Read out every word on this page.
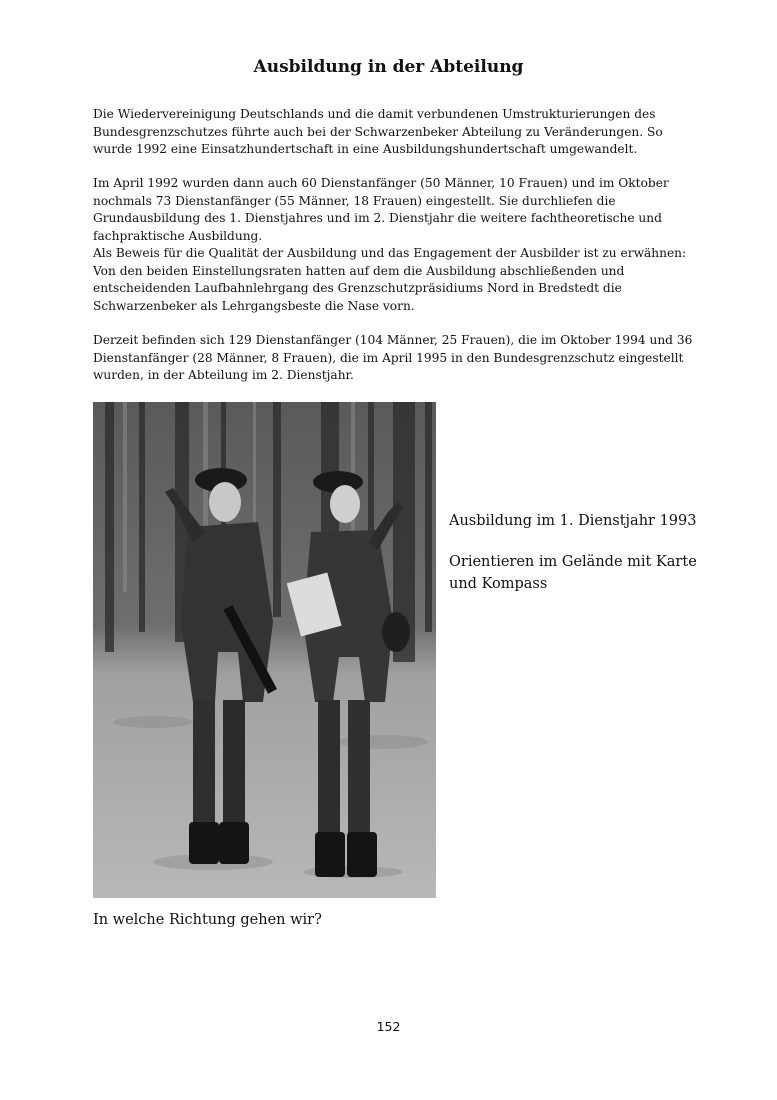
Ausbildung in der Abteilung

Die Wiedervereinigung Deutschlands und die damit verbundenen Umstrukturierungen des Bundesgrenzschutzes führte auch bei der Schwarzenbeker Abteilung zu Veränderungen. So wurde 1992 eine Einsatzhundertschaft in eine Ausbildungshundertschaft umgewandelt.

Im April 1992 wurden dann auch 60 Dienstanfänger (50 Männer, 10 Frauen) und im Oktober nochmals 73 Dienstanfänger (55 Männer, 18 Frauen) eingestellt. Sie durchliefen die Grundausbildung des 1. Dienstjahres und im 2. Dienstjahr die weitere fachtheoretische und fachpraktische Ausbildung.

Als Beweis für die Qualität der Ausbildung und das Engagement der Ausbilder ist zu erwähnen:
Von den beiden Einstellungsraten hatten auf dem die Ausbildung abschließenden und entscheidenden Laufbahnlehrgang des Grenzschutzpräsidiums Nord in Bredstedt die Schwarzenbeker als Lehrgangsbeste die Nase vorn.

Derzeit befinden sich 129 Dienstanfänger (104 Männer, 25 Frauen), die im Oktober 1994 und 36 Dienstanfänger (28 Männer, 8 Frauen), die im April 1995 in den Bundesgrenzschutz eingestellt wurden, in der Abteilung im 2. Dienstjahr.

Ausbildung im 1. Dienstjahr 1993
Orientieren im Gelände mit Karte und Kompass
In welche Richtung gehen wir?
152
